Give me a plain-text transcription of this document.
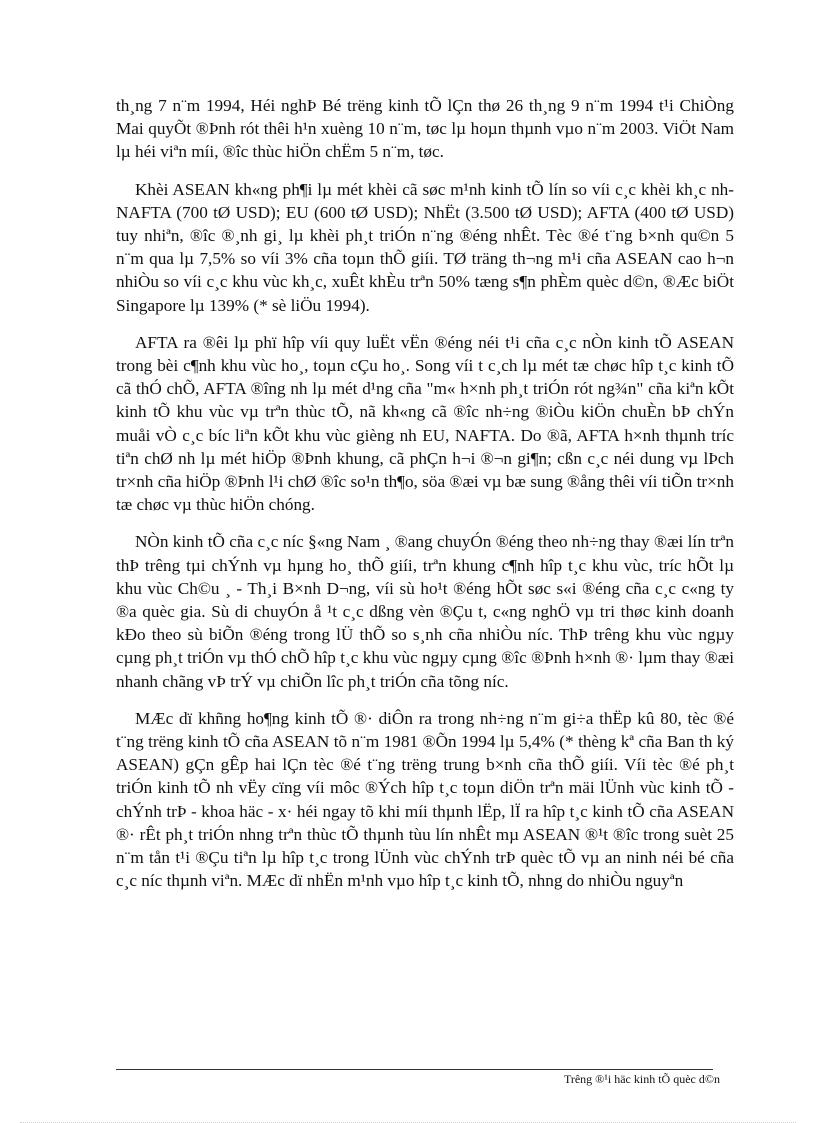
th¸ng 7 n¨m 1994, Héi nghÞ Bé trëng kinh tÕ lÇn thø 26 th¸ng 9 n¨m 1994 t¹i ChiÒng Mai quyÕt ®Þnh rót thêi h¹n xuèng 10 n¨m, tøc lµ hoµn thµnh vµo n¨m 2003. ViÖt Nam lµ héi viªn míi, ®îc thùc hiÖn chËm 5 n¨m, tøc.

Khèi ASEAN kh«ng ph¶i lµ mét khèi cã søc m¹nh kinh tÕ lín so víi c¸c khèi kh¸c nh NAFTA (700 tØ USD); EU (600 tØ USD); NhËt (3.500 tØ USD); AFTA (400 tØ USD) tuy nhiªn, ®îc ®¸nh gi¸ lµ khèi ph¸t triÓn n¨ng ®éng nhÊt. Tèc ®é t¨ng b×nh qu©n 5 n¨m qua lµ 7,5% so víi 3% cña toµn thÕ giíi. TØ träng th¬ng m¹i cña ASEAN cao h¬n nhiÒu so víi c¸c khu vùc kh¸c, xuÊt khÈu trªn 50% tæng s¶n phÈm quèc d©n, ®Æc biÖt Singapore lµ 139% (* sè liÖu 1994).

AFTA ra ®êi lµ phï hîp víi quy luËt vËn ®éng néi t¹i cña c¸c nÒn kinh tÕ ASEAN trong bèi c¶nh khu vùc ho¸, toµn cÇu ho¸. Song víi t c¸ch lµ mét tæ chøc hîp t¸c kinh tÕ cã thÓ chÕ, AFTA ®îng nh lµ mét d¹ng cña "m« h×nh ph¸t triÓn rót ng¾n" cña kiªn kÕt kinh tÕ khu vùc vµ trªn thùc tÕ, nã kh«ng cã ®îc nh÷ng ®iÒu kiÖn chuÈn bÞ chÝn muåi vÒ c¸c bíc liªn kÕt khu vùc gièng nh EU, NAFTA. Do ®ã, AFTA h×nh thµnh tríc tiªn chØ nh lµ mét hiÖp ®Þnh khung, cã phÇn h¬i ®¬n gi¶n; cßn c¸c néi dung vµ lÞch tr×nh cña hiÖp ®Þnh l¹i chØ ®îc so¹n th¶o, söa ®æi vµ bæ sung ®ång thêi víi tiÕn tr×nh tæ chøc vµ thùc hiÖn chóng.

NÒn kinh tÕ cña c¸c níc §«ng Nam ¸ ®ang chuyÓn ®éng theo nh÷ng thay ®æi lín trªn thÞ trêng tµi chÝnh vµ hµng ho¸ thÕ giíi, trªn khung c¶nh hîp t¸c khu vùc, tríc hÕt lµ khu vùc Ch©u ¸ - Th¸i B×nh D¬ng, víi sù ho¹t ®éng hÕt søc s«i ®éng cña c¸c c«ng ty ®a quèc gia. Sù di chuyÓn å ¹t c¸c dßng vèn ®Çu t, c«ng nghÖ vµ tri thøc kinh doanh kÐo theo sù biÕn ®éng trong lÜ thÕ so s¸nh cña nhiÒu níc. ThÞ trêng khu vùc ngµy cµng ph¸t triÓn vµ thÓ chÕ hîp t¸c khu vùc ngµy cµng ®îc ®Þnh h×nh ®· lµm thay ®æi nhanh chãng vÞ trÝ vµ chiÕn lîc ph¸t triÓn cña tõng níc.

MÆc dï khñng ho¶ng kinh tÕ ®· diÔn ra trong nh÷ng n¨m gi÷a thËp kû 80, tèc ®é t¨ng trëng kinh tÕ cña ASEAN tõ n¨m 1981 ®Õn 1994 lµ 5,4% (* thèng kª cña Ban th ký ASEAN) gÇn gÊp hai lÇn tèc ®é t¨ng trëng trung b×nh cña thÕ giíi. Víi tèc ®é ph¸t triÓn kinh tÕ nh vËy cïng víi môc ®Ých hîp t¸c toµn diÖn trªn mäi lÜnh vùc kinh tÕ - chÝnh trÞ - khoa häc - x· héi ngay tõ khi míi thµnh lËp, lÏ ra hîp t¸c kinh tÕ cña ASEAN ®· rÊt ph¸t triÓn nhng trªn thùc tÕ thµnh tùu lín nhÊt mµ ASEAN ®¹t ®îc trong suèt 25 n¨m tån t¹i ®Çu tiªn lµ hîp t¸c trong lÜnh vùc chÝnh trÞ quèc tÕ vµ an ninh néi bé cña c¸c níc thµnh viªn. MÆc dï nhËn m¹nh vµo hîp t¸c kinh tÕ, nhng do nhiÒu nguyªn

Trêng ®¹i häc kinh tÕ quèc d©n
